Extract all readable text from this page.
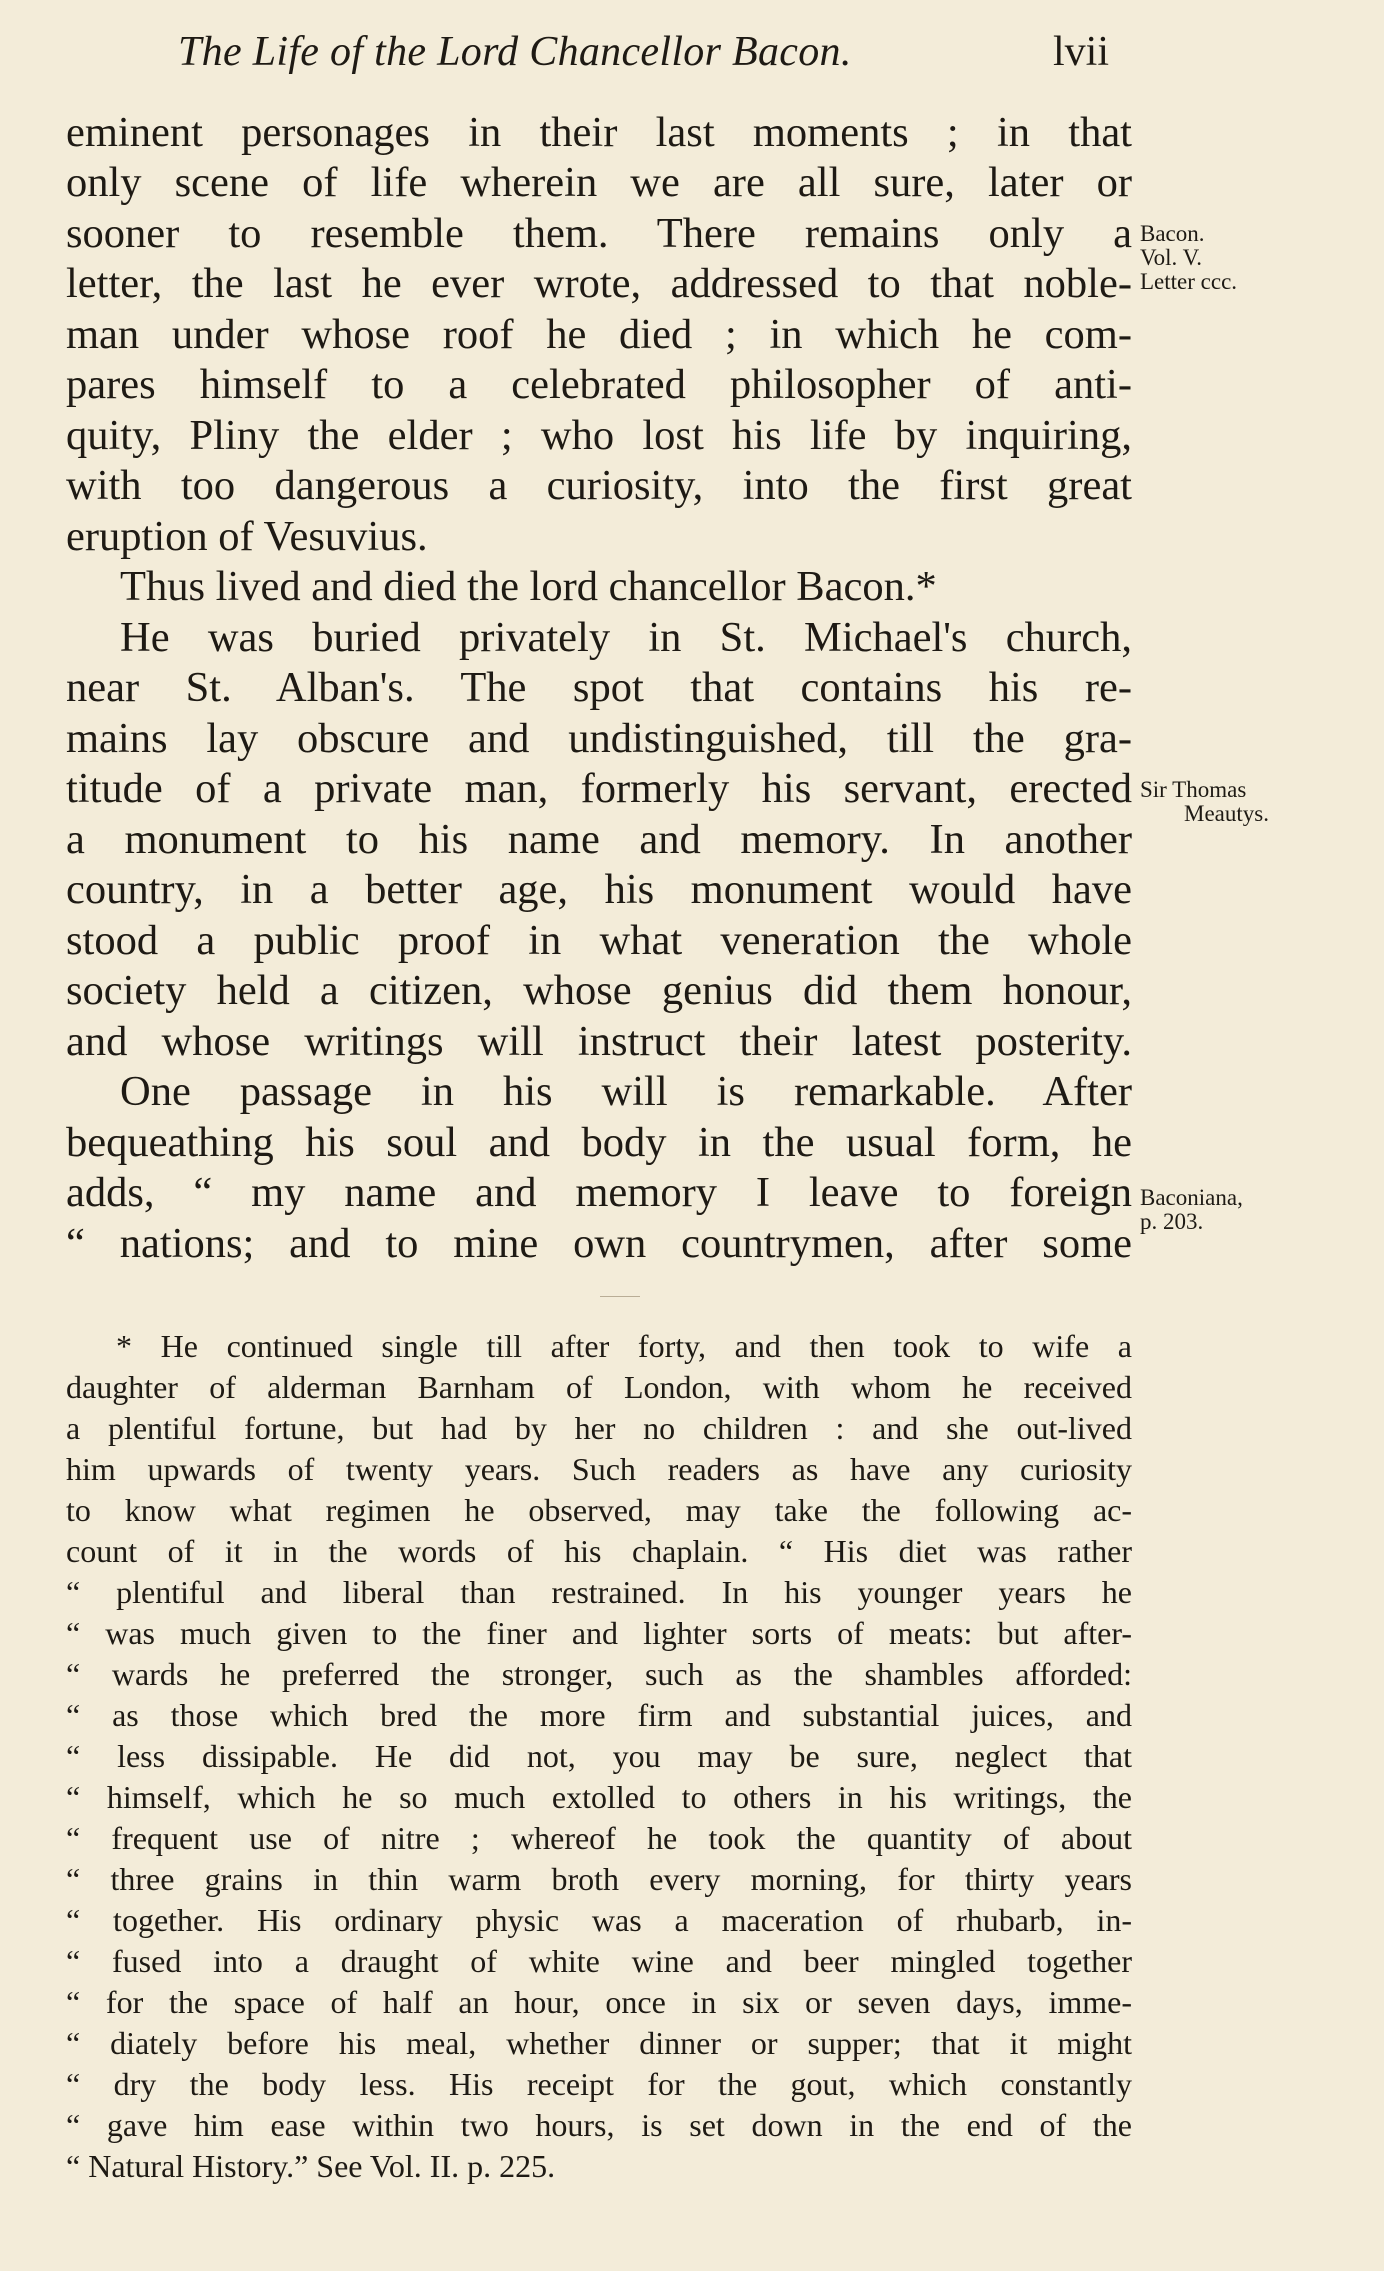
The Life of the Lord Chancellor Bacon.	lvii
eminent personages in their last moments ; in that
only scene of life wherein we are all sure, later or
sooner to resemble them. There remains only a
letter, the last he ever wrote, addressed to that noble-
man under whose roof he died ; in which he com-
pares himself to a celebrated philosopher of anti-
quity, Pliny the elder ; who lost his life by inquiring,
with too dangerous a curiosity, into the first great
eruption of Vesuvius.
Thus lived and died the lord chancellor Bacon.*
He was buried privately in St. Michael's church,
near St. Alban's. The spot that contains his re-
mains lay obscure and undistinguished, till the gra-
titude of a private man, formerly his servant, erected
a monument to his name and memory. In another
country, in a better age, his monument would have
stood a public proof in what veneration the whole
society held a citizen, whose genius did them honour,
and whose writings will instruct their latest posterity.
One passage in his will is remarkable. After
bequeathing his soul and body in the usual form, he
adds, “ my name and memory I leave to foreign
“ nations; and to mine own countrymen, after some
Bacon.
Vol. V.
Letter ccc.
Sir Thomas
Meautys.
Baconiana,
p. 203.
* He continued single till after forty, and then took to wife a
daughter of alderman Barnham of London, with whom he received
a plentiful fortune, but had by her no children : and she out-lived
him upwards of twenty years. Such readers as have any curiosity
to know what regimen he observed, may take the following ac-
count of it in the words of his chaplain. “ His diet was rather
“ plentiful and liberal than restrained. In his younger years he
“ was much given to the finer and lighter sorts of meats: but after-
“ wards he preferred the stronger, such as the shambles afforded:
“ as those which bred the more firm and substantial juices, and
“ less dissipable. He did not, you may be sure, neglect that
“ himself, which he so much extolled to others in his writings, the
“ frequent use of nitre ; whereof he took the quantity of about
“ three grains in thin warm broth every morning, for thirty years
“ together. His ordinary physic was a maceration of rhubarb, in-
“ fused into a draught of white wine and beer mingled together
“ for the space of half an hour, once in six or seven days, imme-
“ diately before his meal, whether dinner or supper; that it might
“ dry the body less. His receipt for the gout, which constantly
“ gave him ease within two hours, is set down in the end of the
“ Natural History.” See Vol. II. p. 225.
